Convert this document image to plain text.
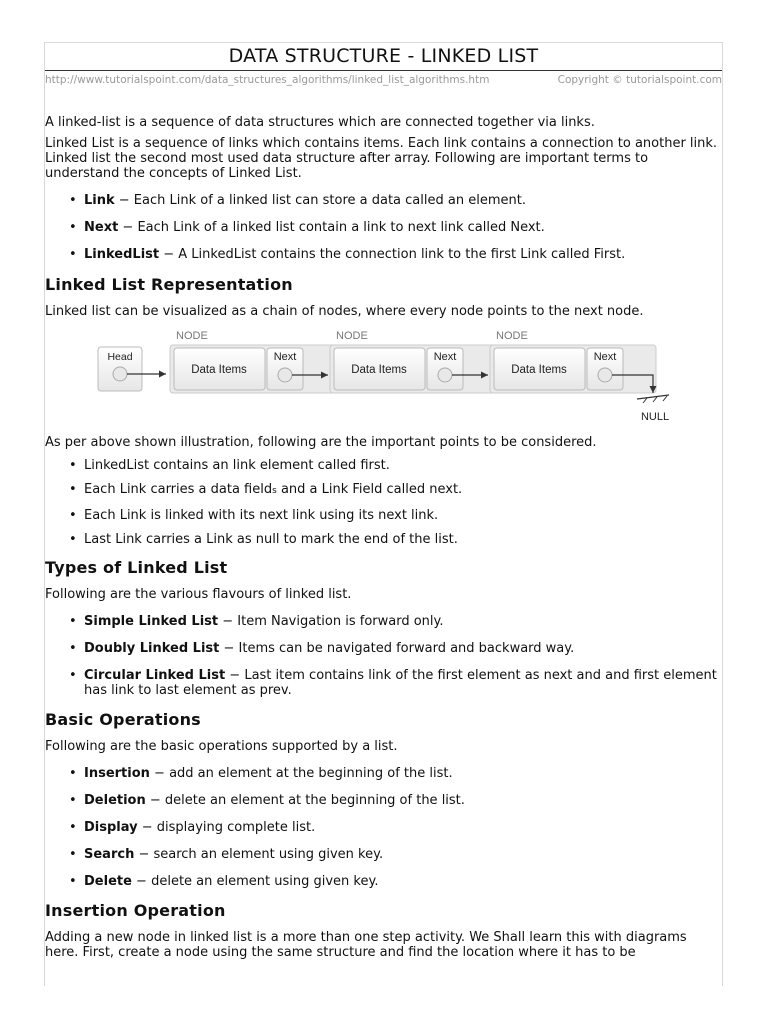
DATA STRUCTURE - LINKED LIST
http://www.tutorialspoint.com/data_structures_algorithms/linked_list_algorithms.htm	Copyright © tutorialspoint.com

A linked-list is a sequence of data structures which are connected together via links.

Linked List is a sequence of links which contains items. Each link contains a connection to another link. Linked list the second most used data structure after array. Following are important terms to understand the concepts of Linked List.

• Link − Each Link of a linked list can store a data called an element.
• Next − Each Link of a linked list contain a link to next link called Next.
• LinkedList − A LinkedList contains the connection link to the first Link called First.
Linked List Representation

Linked list can be visualized as a chain of nodes, where every node points to the next node.

Head
NODE
Data Items
Next
NODE
Data Items
Next
NODE
Data Items
Next
NULL

As per above shown illustration, following are the important points to be considered.

• LinkedList contains an link element called first.
• Each Link carries a data fields and a Link Field called next.
• Each Link is linked with its next link using its next link.
• Last Link carries a Link as null to mark the end of the list.
Types of Linked List

Following are the various flavours of linked list.

• Simple Linked List − Item Navigation is forward only.
• Doubly Linked List − Items can be navigated forward and backward way.
• Circular Linked List − Last item contains link of the first element as next and and first element has link to last element as prev.
Basic Operations

Following are the basic operations supported by a list.

• Insertion − add an element at the beginning of the list.
• Deletion − delete an element at the beginning of the list.
• Display − displaying complete list.
• Search − search an element using given key.
• Delete − delete an element using given key.
Insertion Operation

Adding a new node in linked list is a more than one step activity. We Shall learn this with diagrams here. First, create a node using the same structure and find the location where it has to be
